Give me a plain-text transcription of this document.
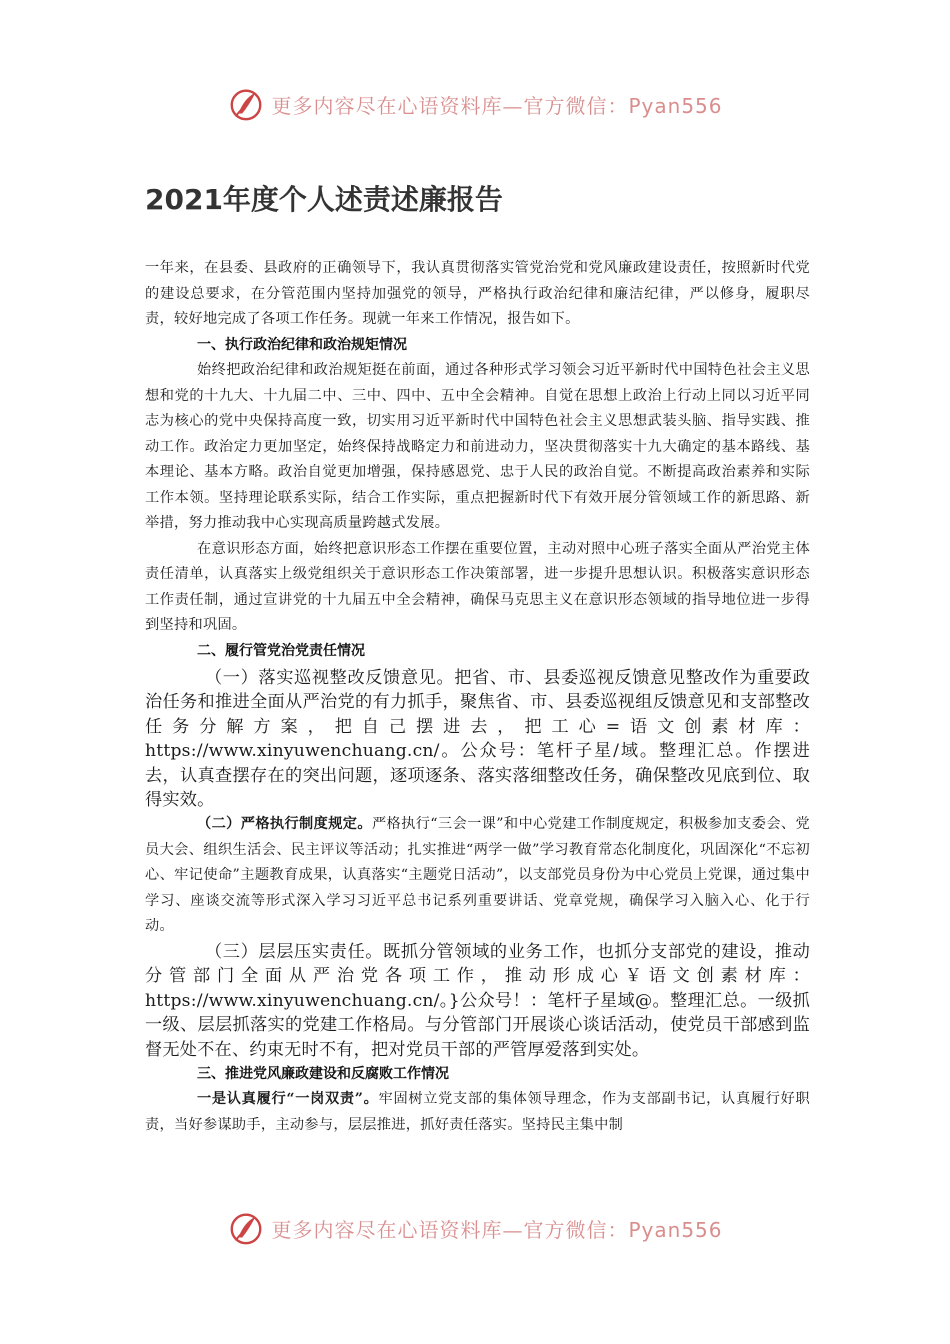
更多内容尽在心语资料库—官方微信：Pyan556
2021年度个人述责述廉报告

一年来，在县委、县政府的正确领导下，我认真贯彻落实管党治党和党风廉政建设责任，按照新时代党的建设总要求，在分管范围内坚持加强党的领导，严格执行政治纪律和廉洁纪律，严以修身，履职尽责，较好地完成了各项工作任务。现就一年来工作情况，报告如下。

一、执行政治纪律和政治规矩情况

始终把政治纪律和政治规矩挺在前面，通过各种形式学习领会习近平新时代中国特色社会主义思想和党的十九大、十九届二中、三中、四中、五中全会精神。自觉在思想上政治上行动上同以习近平同志为核心的党中央保持高度一致，切实用习近平新时代中国特色社会主义思想武装头脑、指导实践、推动工作。政治定力更加坚定，始终保持战略定力和前进动力，坚决贯彻落实十九大确定的基本路线、基本理论、基本方略。政治自觉更加增强，保持感恩党、忠于人民的政治自觉。不断提高政治素养和实际工作本领。坚持理论联系实际，结合工作实际，重点把握新时代下有效开展分管领域工作的新思路、新举措，努力推动我中心实现高质量跨越式发展。

在意识形态方面，始终把意识形态工作摆在重要位置，主动对照中心班子落实全面从严治党主体责任清单，认真落实上级党组织关于意识形态工作决策部署，进一步提升思想认识。积极落实意识形态工作责任制，通过宣讲党的十九届五中全会精神，确保马克思主义在意识形态领域的指导地位进一步得到坚持和巩固。

二、履行管党治党责任情况

（一）落实巡视整改反馈意见。把省、市、县委巡视反馈意见整改作为重要政治任务和推进全面从严治党的有力抓手，聚焦省、市、县委巡视组反馈意见和支部整改任务分解方案，把自己摆进去，把工心=语文创素材库：https://www.xinyuwenchuang.cn/。公众号：笔杆子星/域。整理汇总。作摆进去，认真查摆存在的突出问题，逐项逐条、落实落细整改任务，确保整改见底到位、取得实效。

（二）严格执行制度规定。严格执行“三会一课”和中心党建工作制度规定，积极参加支委会、党员大会、组织生活会、民主评议等活动；扎实推进“两学一做”学习教育常态化制度化，巩固深化“不忘初心、牢记使命”主题教育成果，认真落实“主题党日活动”，以支部党员身份为中心党员上党课，通过集中学习、座谈交流等形式深入学习习近平总书记系列重要讲话、党章党规，确保学习入脑入心、化于行动。

（三）层层压实责任。既抓分管领域的业务工作，也抓分支部党的建设，推动分管部门全面从严治党各项工作，推动形成心￥语文创素材库：https://www.xinyuwenchuang.cn/。}公众号！：笔杆子星域@。整理汇总。一级抓一级、层层抓落实的党建工作格局。与分管部门开展谈心谈话活动，使党员干部感到监督无处不在、约束无时不有，把对党员干部的严管厚爱落到实处。

三、推进党风廉政建设和反腐败工作情况

一是认真履行“一岗双责”。牢固树立党支部的集体领导理念，作为支部副书记，认真履行好职责，当好参谋助手，主动参与，层层推进，抓好责任落实。坚持民主集中制

更多内容尽在心语资料库—官方微信：Pyan556
